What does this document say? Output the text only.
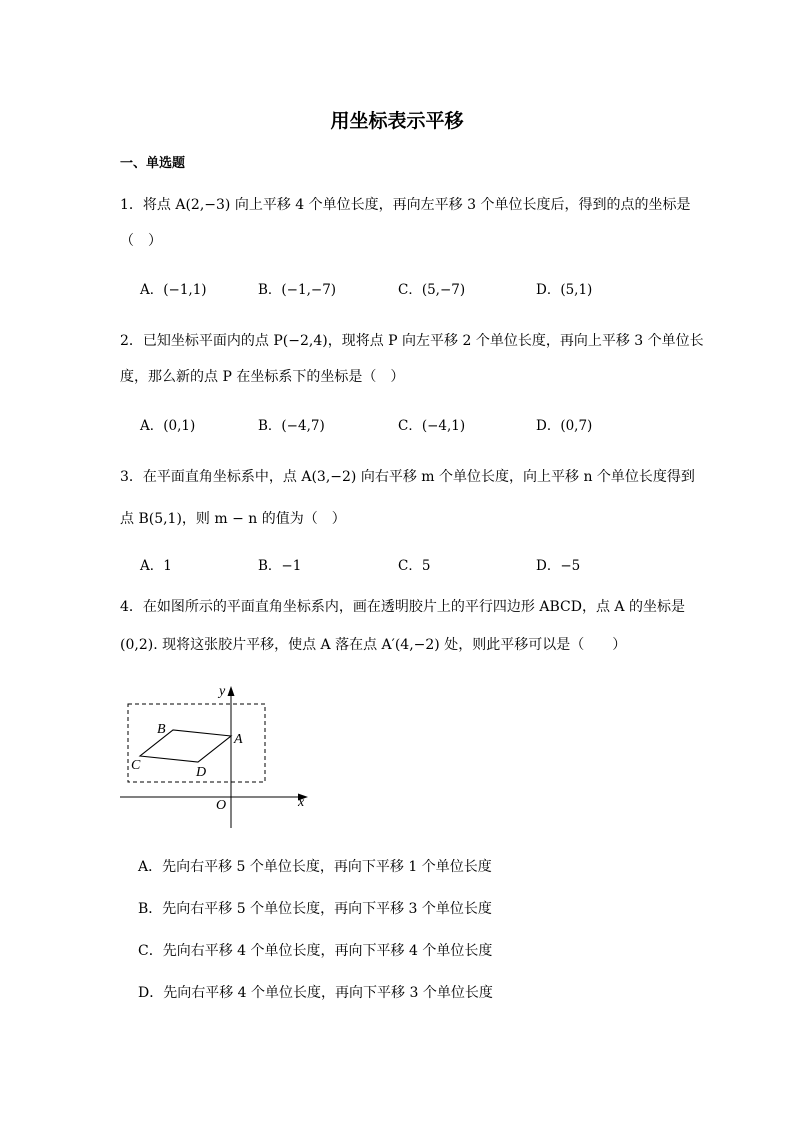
用坐标表示平移
一、单选题
1．将点 A(2,−3) 向上平移 4 个单位长度，再向左平移 3 个单位长度后，得到的点的坐标是
（　）
A．(−1,1)	B．(−1,−7)	C．(5,−7)	D．(5,1)
2．已知坐标平面内的点 P(−2,4)，现将点 P 向左平移 2 个单位长度，再向上平移 3 个单位长
度，那么新的点 P 在坐标系下的坐标是（　）
A．(0,1)	B．(−4,7)	C．(−4,1)	D．(0,7)
3．在平面直角坐标系中，点 A(3,−2) 向右平移 m 个单位长度，向上平移 n 个单位长度得到
点 B(5,1)，则 m − n 的值为（　）
A．1	B．−1	C．5	D．−5
4．在如图所示的平面直角坐标系内，画在透明胶片上的平行四边形 ABCD，点 A 的坐标是
(0,2). 现将这张胶片平移，使点 A 落在点 A′(4,−2) 处，则此平移可以是（　　）
y
x
O
A
B
C	D
A．先向右平移 5 个单位长度，再向下平移 1 个单位长度
B．先向右平移 5 个单位长度，再向下平移 3 个单位长度
C．先向右平移 4 个单位长度，再向下平移 4 个单位长度
D．先向右平移 4 个单位长度，再向下平移 3 个单位长度
